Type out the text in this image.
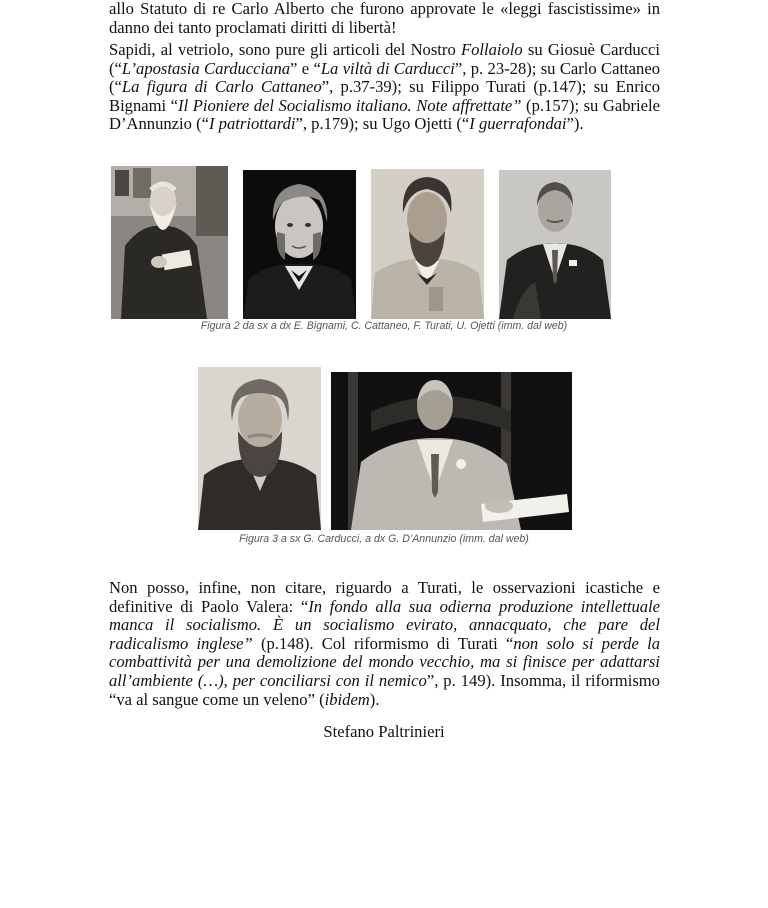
allo Statuto di re Carlo Alberto che furono approvate le «leggi fascistissime» in danno dei tanto proclamati diritti di libertà!

Sapidi, al vetriolo, sono pure gli articoli del Nostro Follaiolo su Giosuè Carducci (“L’apostasia Carducciana” e “La viltà di Carducci”, p. 23-28); su Carlo Cattaneo (“La figura di Carlo Cattaneo”, p.37-39); su Filippo Turati (p.147); su Enrico Bignami “Il Pioniere del Socialismo italiano. Note affrettate” (p.157); su Gabriele D’Annunzio (“I patriottardi”, p.179); su Ugo Ojetti (“I guerrafondai”).

Figura 2 da sx a dx E. Bignami, C. Cattaneo, F. Turati, U. Ojetti (imm. dal web)
Figura 3 a sx G. Carducci, a dx G. D’Annunzio (imm. dal web)

Non posso, infine, non citare, riguardo a Turati, le osservazioni icastiche e definitive di Paolo Valera: “In fondo alla sua odierna produzione intellettuale manca il socialismo. È un socialismo evirato, annacquato, che pare del radicalismo inglese” (p.148). Col riformismo di Turati “non solo si perde la combattività per una demolizione del mondo vecchio, ma si finisce per adattarsi all’ambiente (…), per conciliarsi con il nemico”, p. 149). Insomma, il riformismo “va al sangue come un veleno” (ibidem).

Stefano Paltrinieri
